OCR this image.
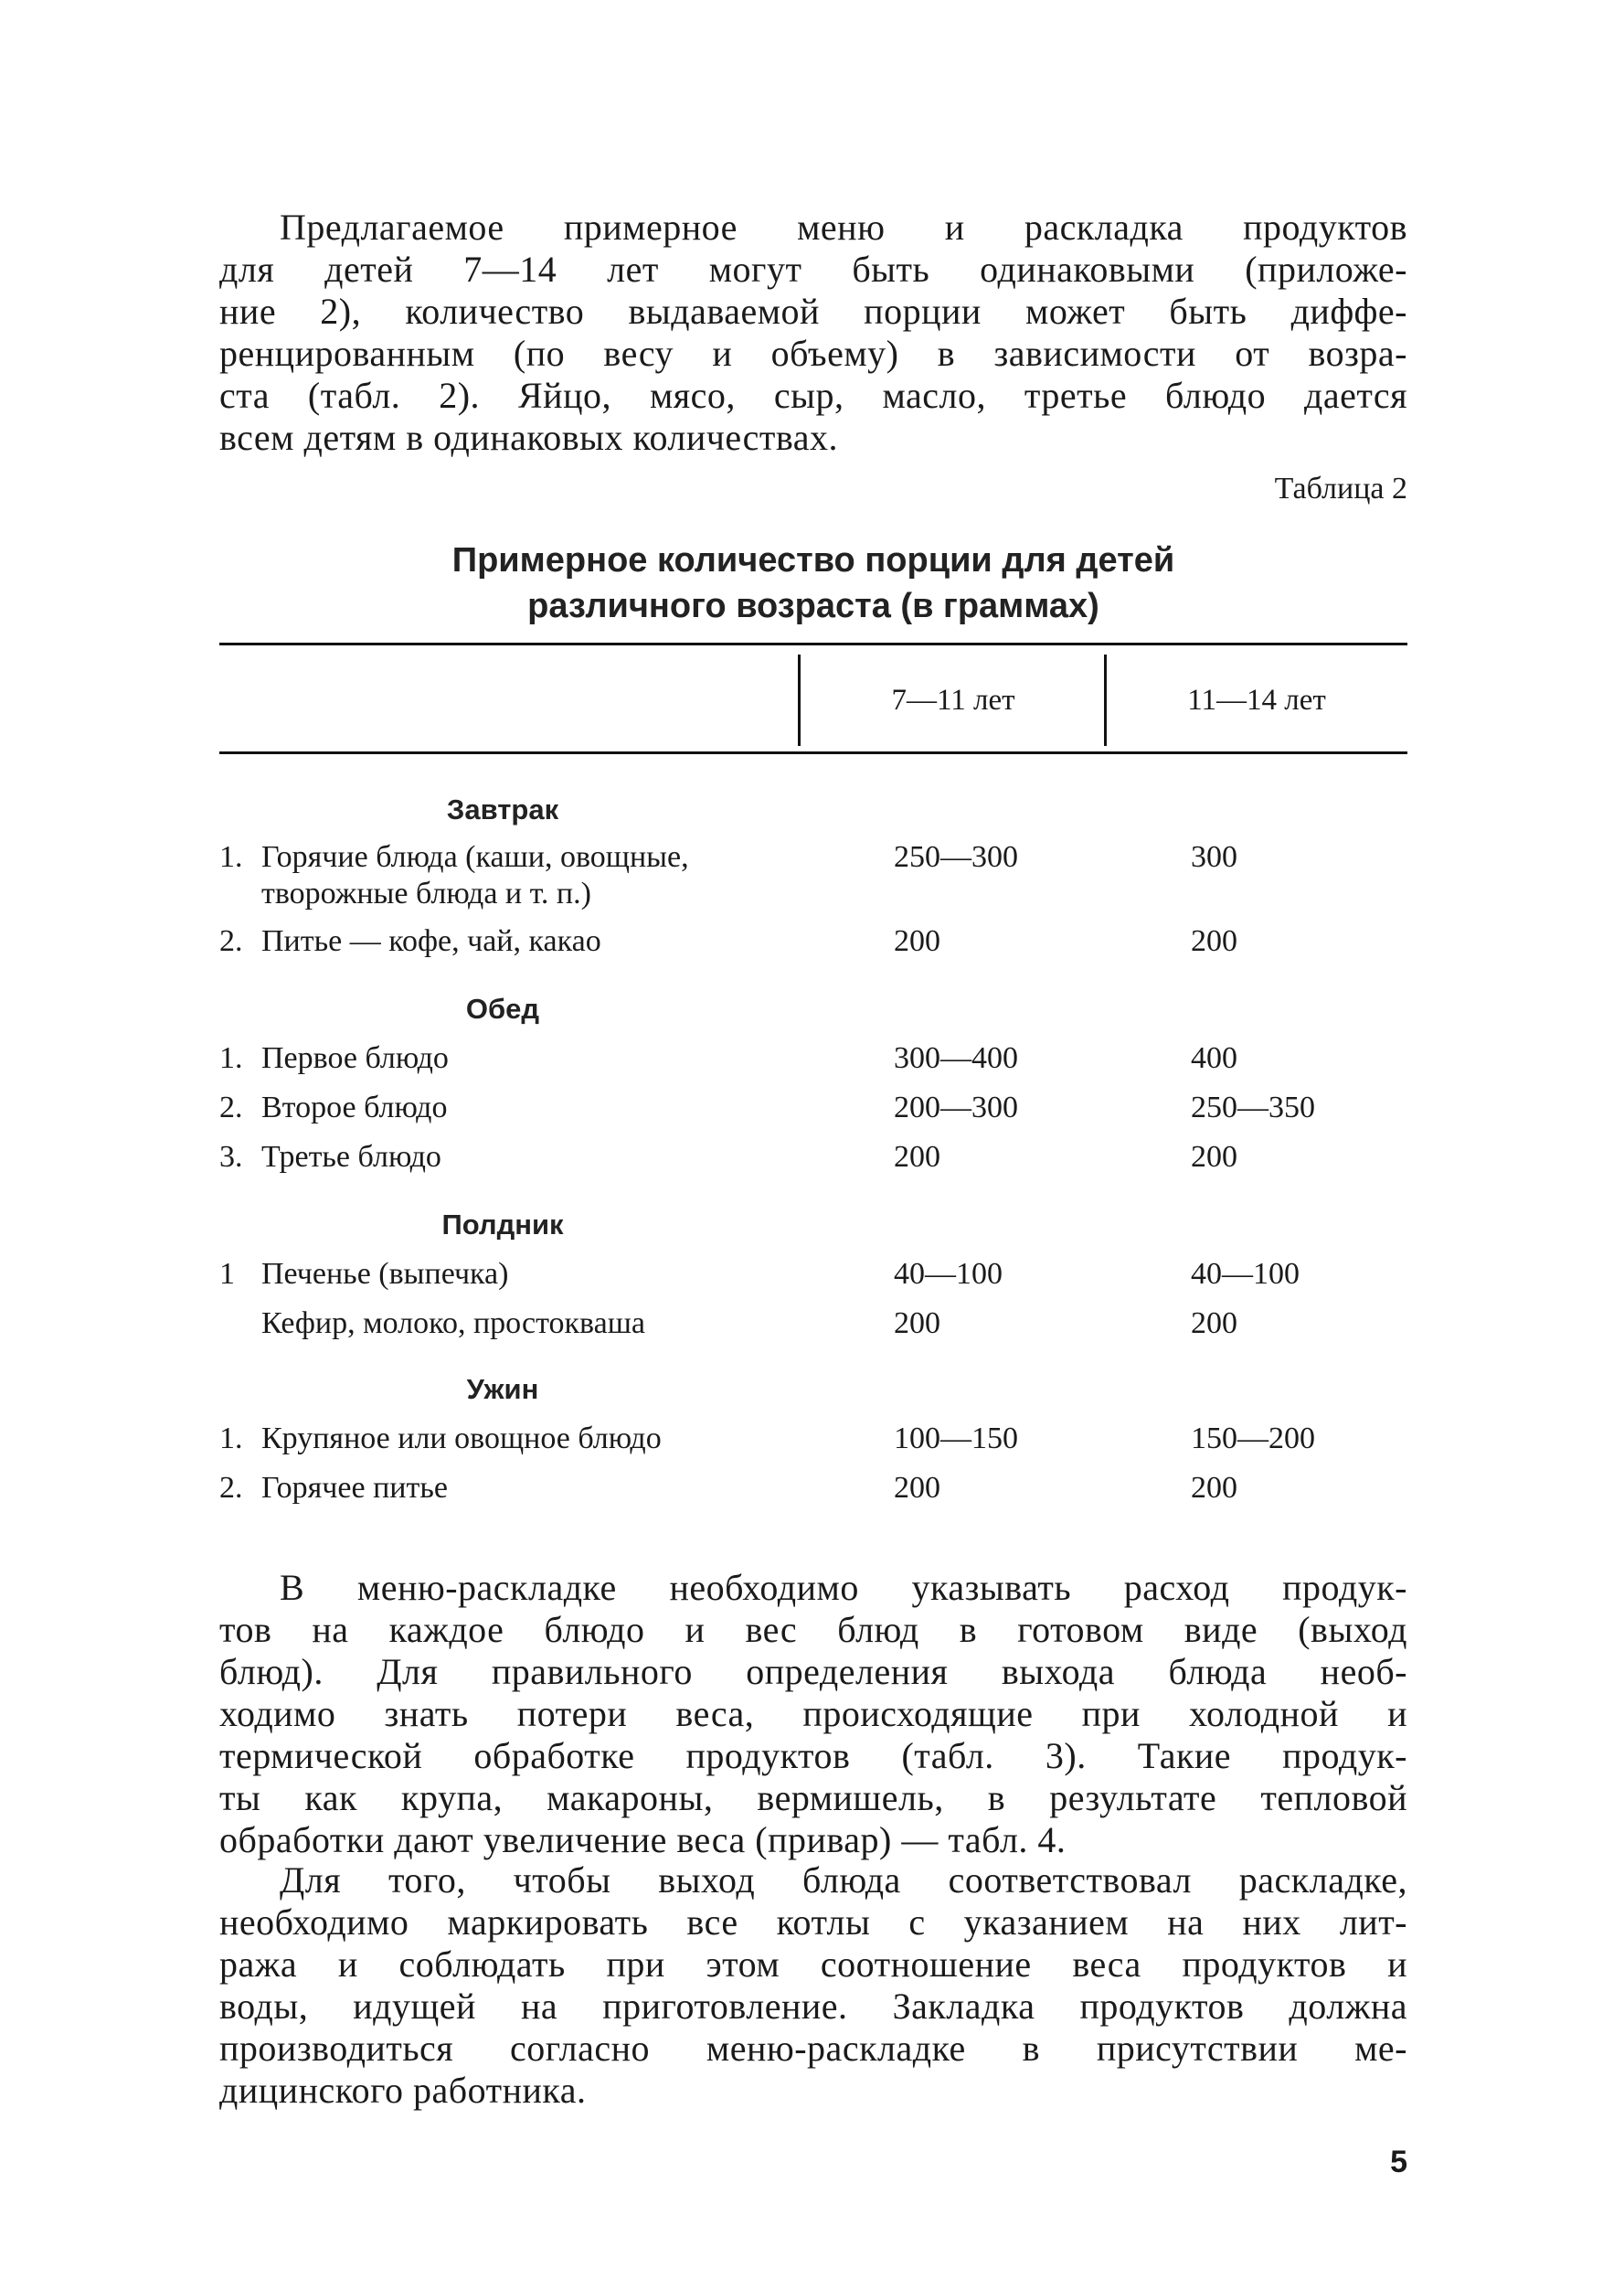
Предлагаемое примерное меню и раскладка продуктов
для детей 7—14 лет могут быть одинаковыми (приложе-
ние 2), количество выдаваемой порции может быть диффе-
ренцированным (по весу и объему) в зависимости от возра-
ста (табл. 2). Яйцо, мясо, сыр, масло, третье блюдо дается
всем детям в одинаковых количествах.
Таблица 2
Примерное количество порции для детей
различного возраста (в граммах)
7—11 лет	11—14 лет
Завтрак
1. Горячие блюда (каши, овощные,
творожные блюда и т. п.)
250—300	300
2. Питье — кофе, чай, какао	200	200
Обед
1. Первое блюдо	300—400	400
2. Второе блюдо	200—300	250—350
3. Третье блюдо	200	200
Полдник
1 Печенье (выпечка)	40—100	40—100
Кефир, молоко, простокваша	200	200
Ужин
1. Крупяное или овощное блюдо	100—150	150—200
2. Горячее питье	200	200
В меню-раскладке необходимо указывать расход продук-
тов на каждое блюдо и вес блюд в готовом виде (выход
блюд). Для правильного определения выхода блюда необ-
ходимо знать потери веса, происходящие при холодной и
термической обработке продуктов (табл. 3). Такие продук-
ты как крупа, макароны, вермишель, в результате тепловой
обработки дают увеличение веса (привар) — табл. 4.
Для того, чтобы выход блюда соответствовал раскладке,
необходимо маркировать все котлы с указанием на них лит-
ража и соблюдать при этом соотношение веса продуктов и
воды, идущей на приготовление. Закладка продуктов должна
производиться согласно меню-раскладке в присутствии ме-
дицинского работника.
5
